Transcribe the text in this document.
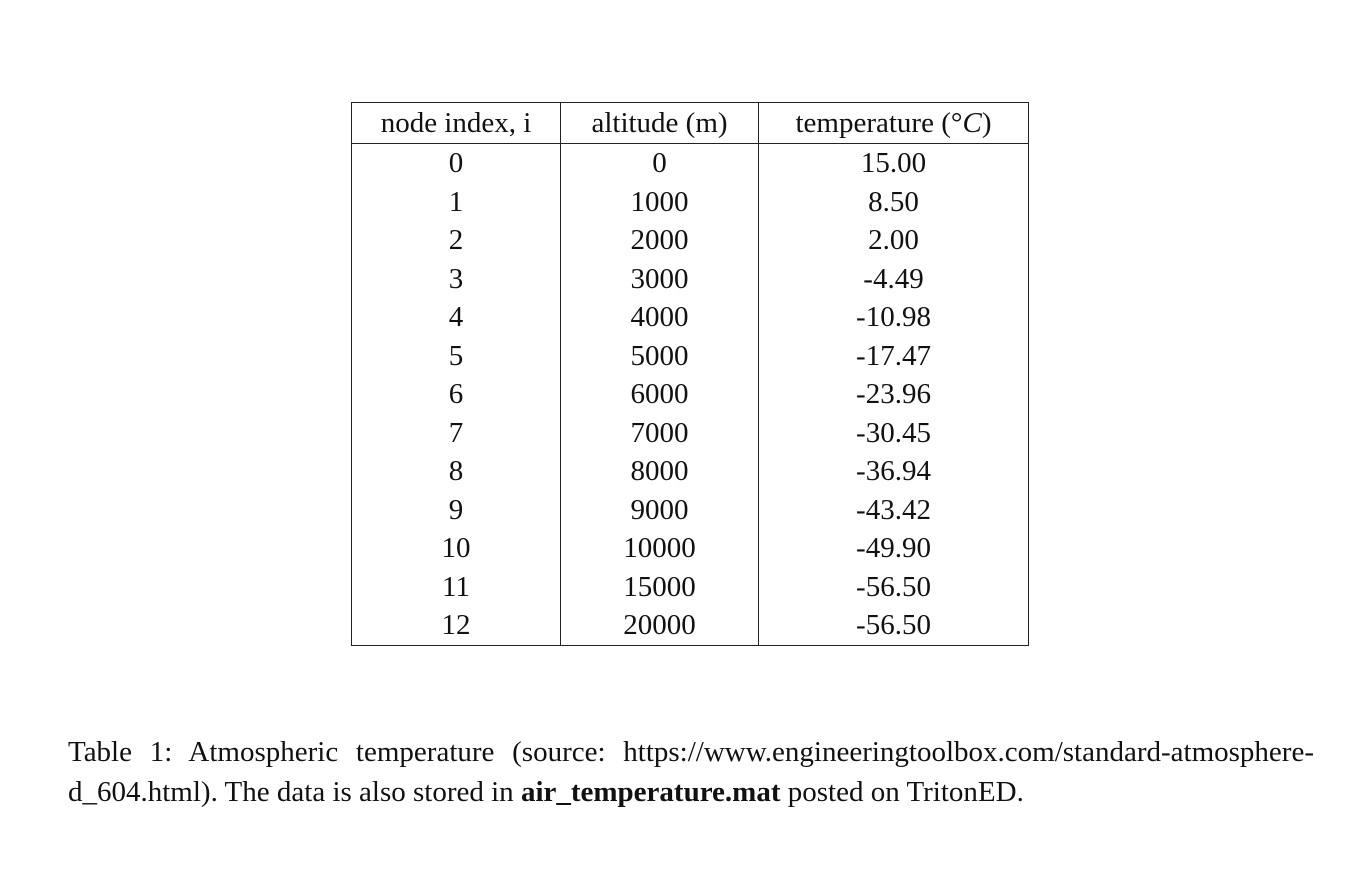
node index, i	altitude (m)	temperature (°C)
0	0	15.00
1	1000	8.50
2	2000	2.00
3	3000	-4.49
4	4000	-10.98
5	5000	-17.47
6	6000	-23.96
7	7000	-30.45
8	8000	-36.94
9	9000	-43.42
10	10000	-49.90
11	15000	-56.50
12	20000	-56.50

Table 1: Atmospheric temperature (source: https://www.engineeringtoolbox.com/standard-atmosphere-d_604.html). The data is also stored in air_temperature.mat posted on TritonED.
